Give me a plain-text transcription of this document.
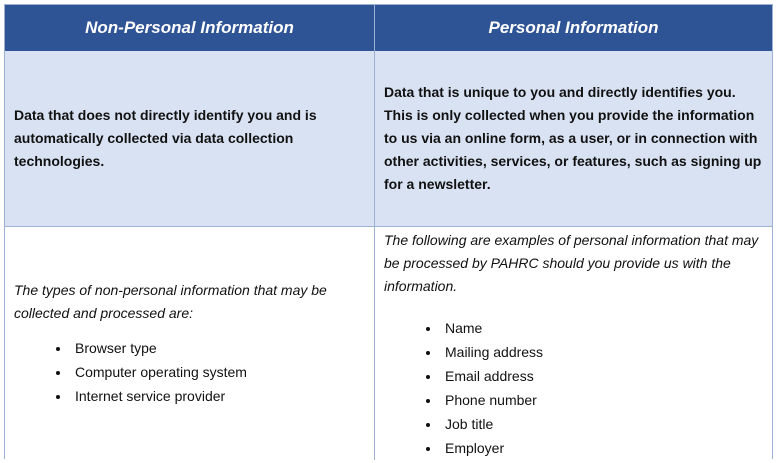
Non-Personal Information	Personal Information

Data that does not directly identify you and is automatically collected via data collection technologies.

Data that is unique to you and directly identifies you. This is only collected when you provide the information to us via an online form, as a user, or in connection with other activities, services, or features, such as signing up for a newsletter.

The types of non-personal information that may be collected and processed are:

• Browser type
• Computer operating system
• Internet service provider

The following are examples of personal information that may be processed by PAHRC should you provide us with the information.

• Name
• Mailing address
• Email address
• Phone number
• Job title
• Employer
